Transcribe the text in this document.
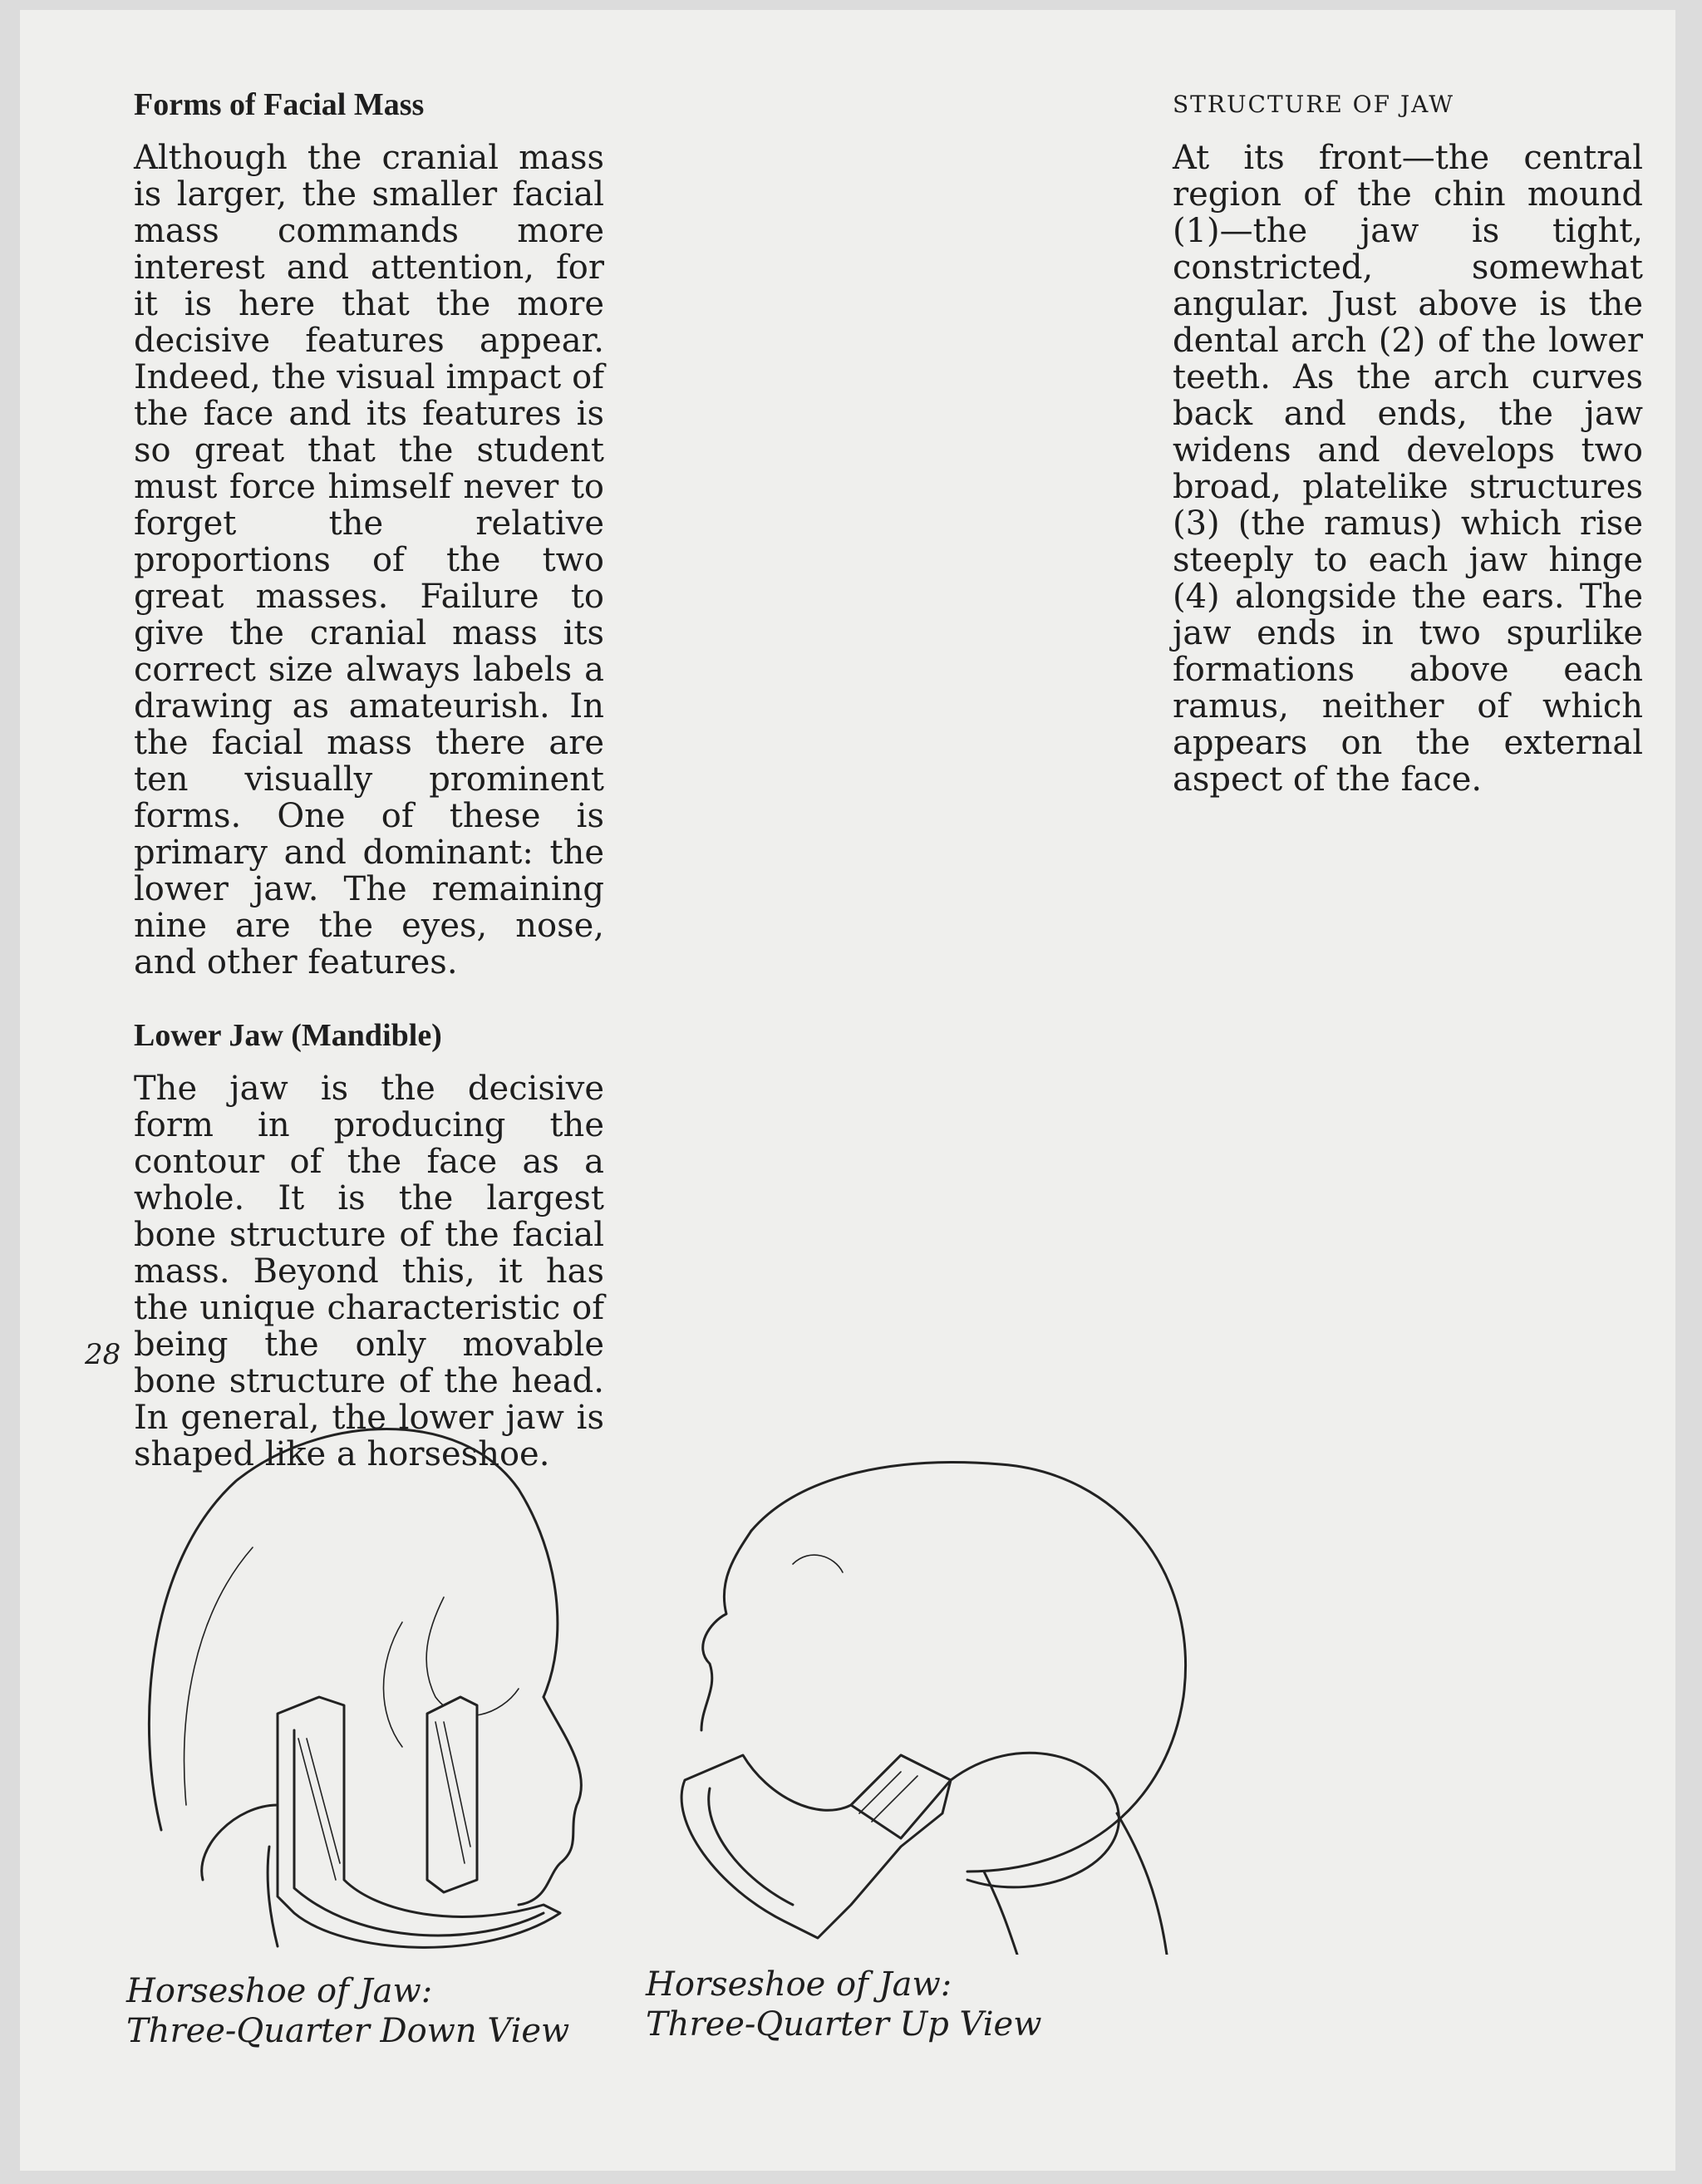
Forms of Facial Mass

Although the cranial mass is larger, the smaller facial mass commands more interest and attention, for it is here that the more decisive features appear. Indeed, the visual impact of the face and its features is so great that the student must force himself never to forget the relative proportions of the two great masses. Failure to give the cranial mass its correct size always labels a drawing as amateurish. In the facial mass there are ten visually prominent forms. One of these is primary and dominant: the lower jaw. The remaining nine are the eyes, nose, and other features.

Lower Jaw (Mandible)

The jaw is the decisive form in producing the contour of the face as a whole. It is the largest bone structure of the facial mass. Beyond this, it has the unique characteristic of being the only movable bone structure of the head. In general, the lower jaw is shaped like a horseshoe.

STRUCTURE OF JAW

At its front—the central region of the chin mound (1)—the jaw is tight, constricted, somewhat angular. Just above is the dental arch (2) of the lower teeth. As the arch curves back and ends, the jaw widens and develops two broad, platelike structures (3) (the ramus) which rise steeply to each jaw hinge (4) alongside the ears. The jaw ends in two spurlike formations above each ramus, neither of which appears on the external aspect of the face.

28
Horseshoe of Jaw:
Three-Quarter Down View
Horseshoe of Jaw:
Three-Quarter Up View
